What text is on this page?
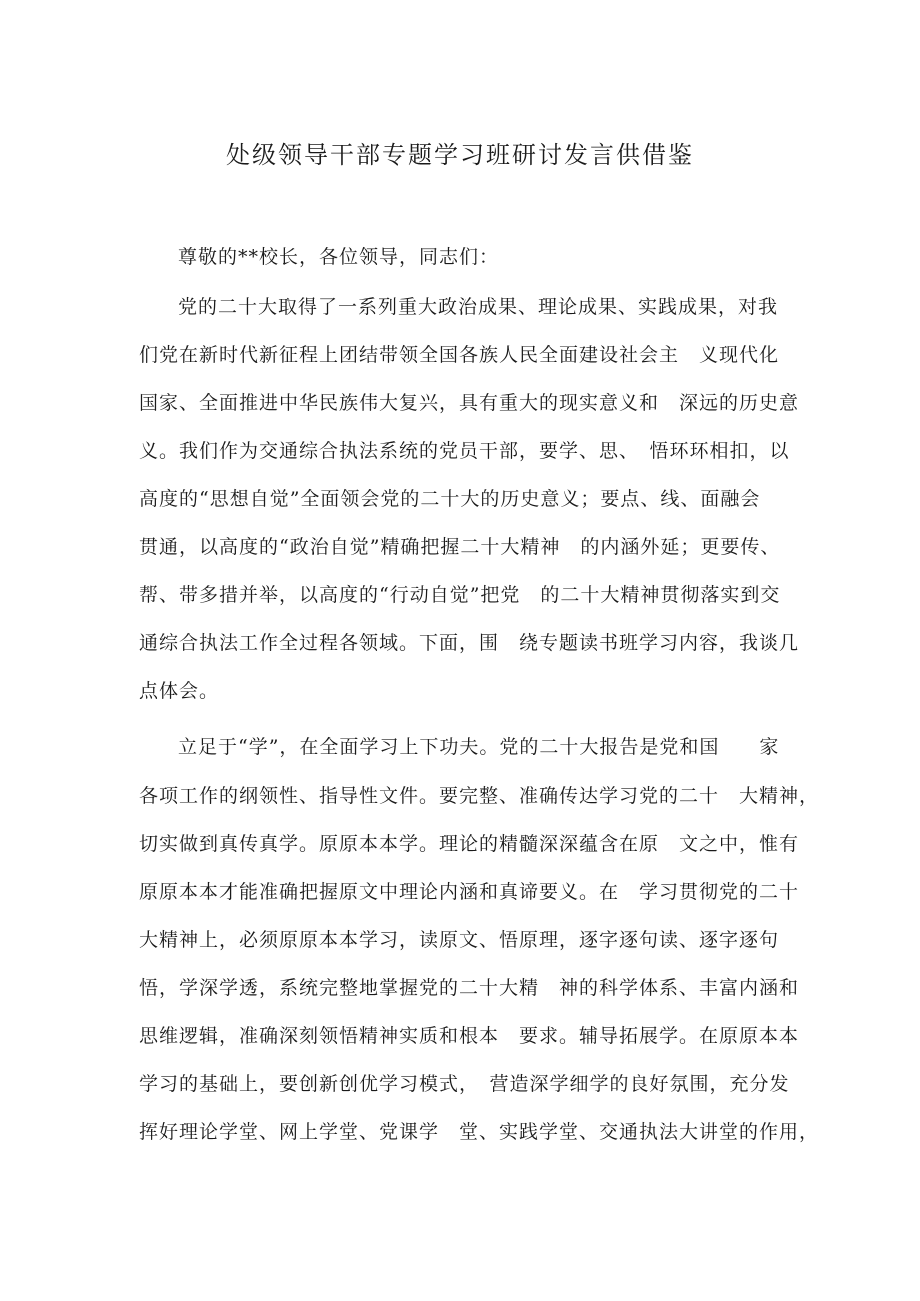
处级领导干部专题学习班研讨发言供借鉴
尊敬的**校长，各位领导，同志们：
党的二十大取得了一系列重大政治成果、理论成果、实践成果，对我
们党在新时代新征程上团结带领全国各族人民全面建设社会主　义现代化
国家、全面推进中华民族伟大复兴，具有重大的现实意义和　深远的历史意
义。我们作为交通综合执法系统的党员干部，要学、思、　悟环环相扣，以
高度的“思想自觉”全面领会党的二十大的历史意义；要点、线、面融会
贯通，以高度的“政治自觉”精确把握二十大精神　的内涵外延；更要传、
帮、带多措并举，以高度的“行动自觉”把党　的二十大精神贯彻落实到交
通综合执法工作全过程各领域。下面，围　绕专题读书班学习内容，我谈几
点体会。
立足于“学”，在全面学习上下功夫。党的二十大报告是党和国　　家
各项工作的纲领性、指导性文件。要完整、准确传达学习党的二十　大精神，
切实做到真传真学。原原本本学。理论的精髓深深蕴含在原　文之中，惟有
原原本本才能准确把握原文中理论内涵和真谛要义。在　学习贯彻党的二十
大精神上，必须原原本本学习，读原文、悟原理，逐字逐句读、逐字逐句
悟，学深学透，系统完整地掌握党的二十大精　神的科学体系、丰富内涵和
思维逻辑，准确深刻领悟精神实质和根本　要求。辅导拓展学。在原原本本
学习的基础上，要创新创优学习模式，　营造深学细学的良好氛围，充分发
挥好理论学堂、网上学堂、党课学　堂、实践学堂、交通执法大讲堂的作用，
